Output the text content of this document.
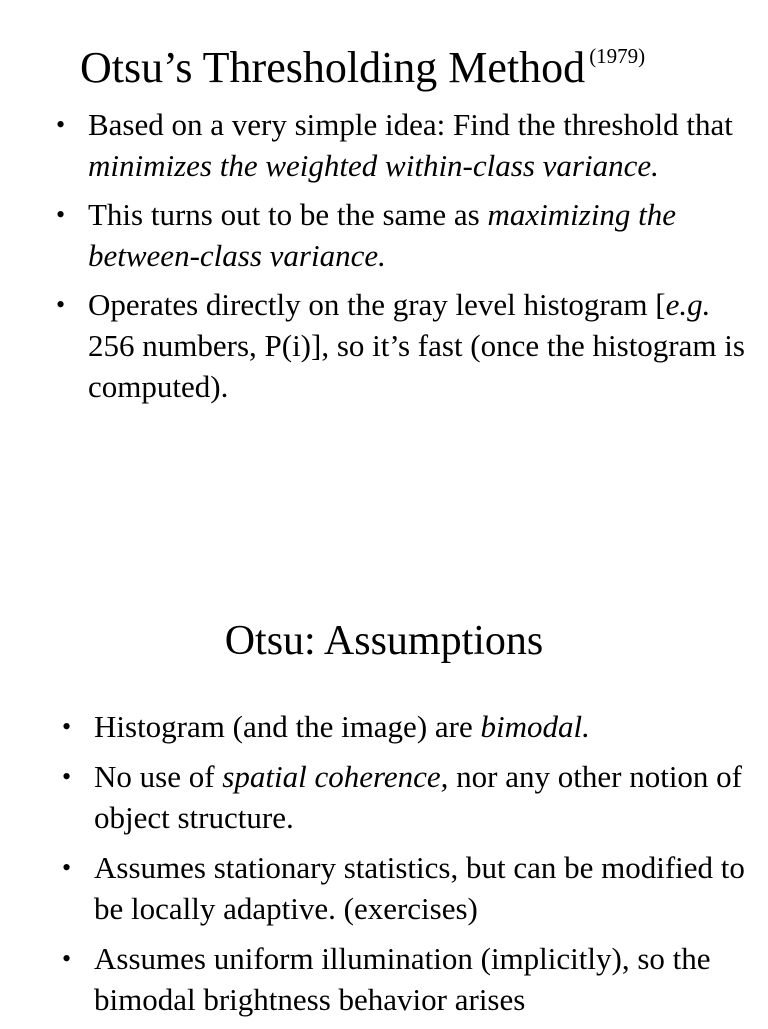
Otsu’s Thresholding Method $^{(1979)}$
• Based on a very simple idea: Find the threshold that minimizes the weighted within-class variance.
• This turns out to be the same as maximizing the between-class variance.
• Operates directly on the gray level histogram [e.g. 256 numbers, P(i)], so it’s fast (once the histogram is computed).
Otsu: Assumptions
• Histogram (and the image) are bimodal.
• No use of spatial coherence, nor any other notion of object structure.
• Assumes stationary statistics, but can be modified to be locally adaptive. (exercises)
• Assumes uniform illumination (implicitly), so the bimodal brightness behavior arises
